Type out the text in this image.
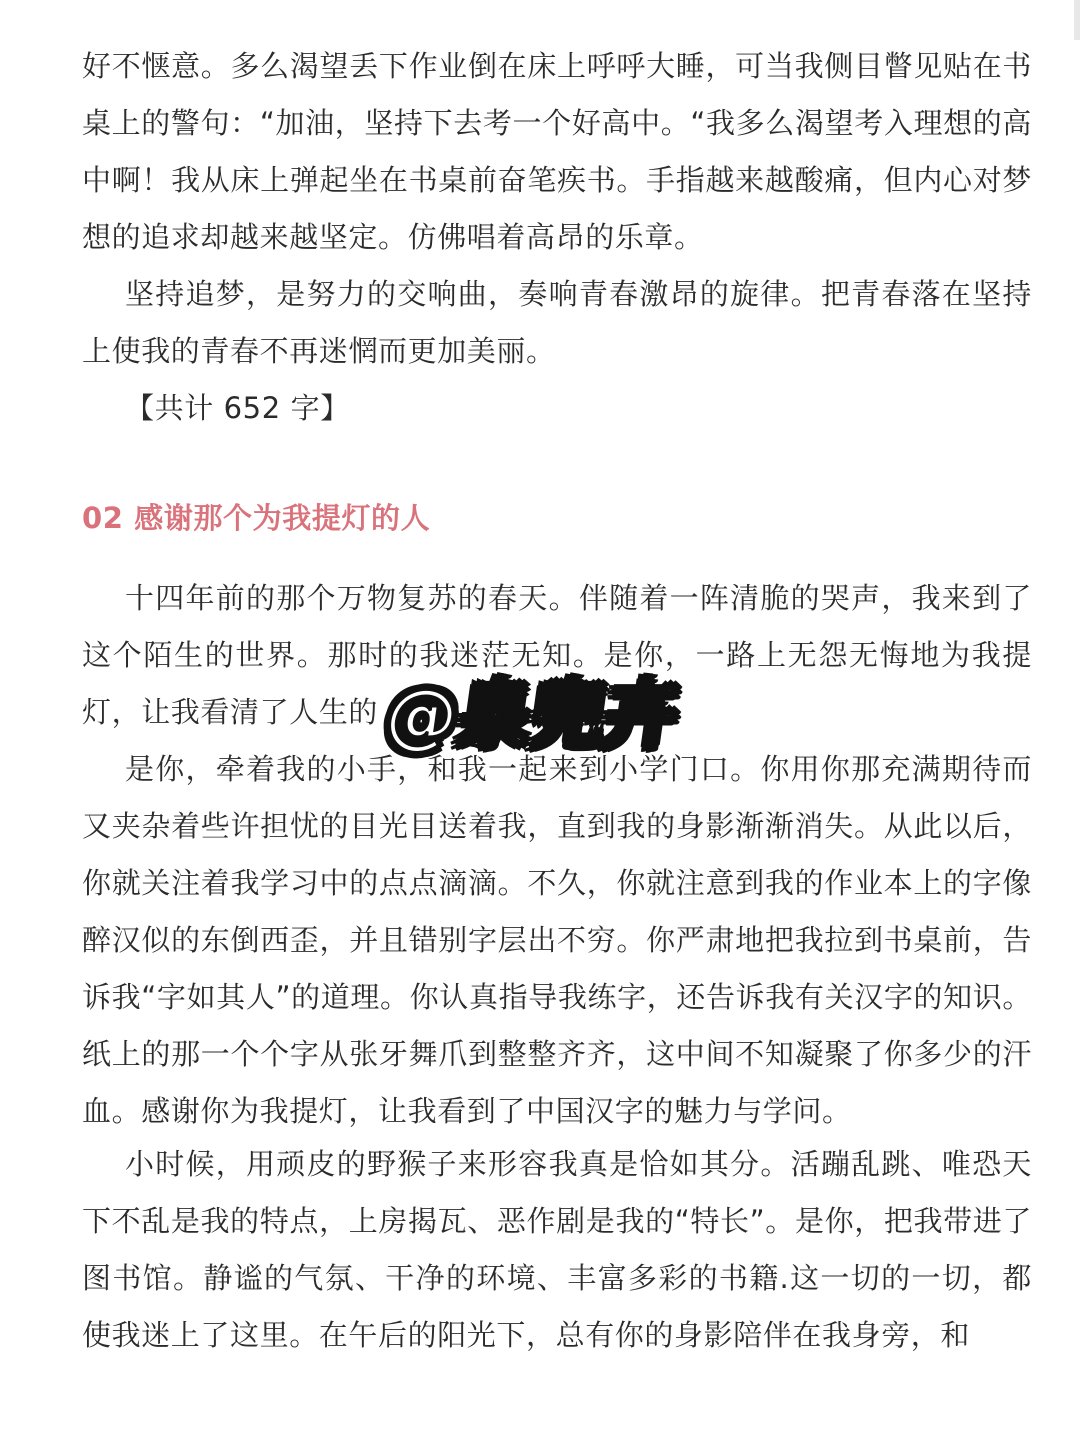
好不惬意。多么渴望丢下作业倒在床上呼呼大睡，可当我侧目瞥见贴在书桌上的警句：“加油，坚持下去考一个好高中。“我多么渴望考入理想的高中啊！我从床上弹起坐在书桌前奋笔疾书。手指越来越酸痛，但内心对梦想的追求却越来越坚定。仿佛唱着高昂的乐章。

坚持追梦，是努力的交响曲，奏响青春激昂的旋律。把青春落在坚持上使我的青春不再迷惘而更加美丽。

【共计 652 字】

02 感谢那个为我提灯的人

十四年前的那个万物复苏的春天。伴随着一阵清脆的哭声，我来到了这个陌生的世界。那时的我迷茫无知。是你，一路上无怨无悔地为我提灯，让我看清了人生的

是你，牵着我的小手，和我一起来到小学门口。你用你那充满期待而又夹杂着些许担忧的目光目送着我，直到我的身影渐渐消失。从此以后，你就关注着我学习中的点点滴滴。不久，你就注意到我的作业本上的字像醉汉似的东倒西歪，并且错别字层出不穷。你严肃地把我拉到书桌前，告诉我“字如其人”的道理。你认真指导我练字，还告诉我有关汉字的知识。纸上的那一个个字从张牙舞爪到整整齐齐，这中间不知凝聚了你多少的汗血。感谢你为我提灯，让我看到了中国汉字的魅力与学问。

小时候，用顽皮的野猴子来形容我真是恰如其分。活蹦乱跳、唯恐天下不乱是我的特点，上房揭瓦、恶作剧是我的“特长”。是你，把我带进了图书馆。静谧的气氛、干净的环境、丰富多彩的书籍.这一切的一切，都使我迷上了这里。在午后的阳光下，总有你的身影陪伴在我身旁，和

@泉兜卉
